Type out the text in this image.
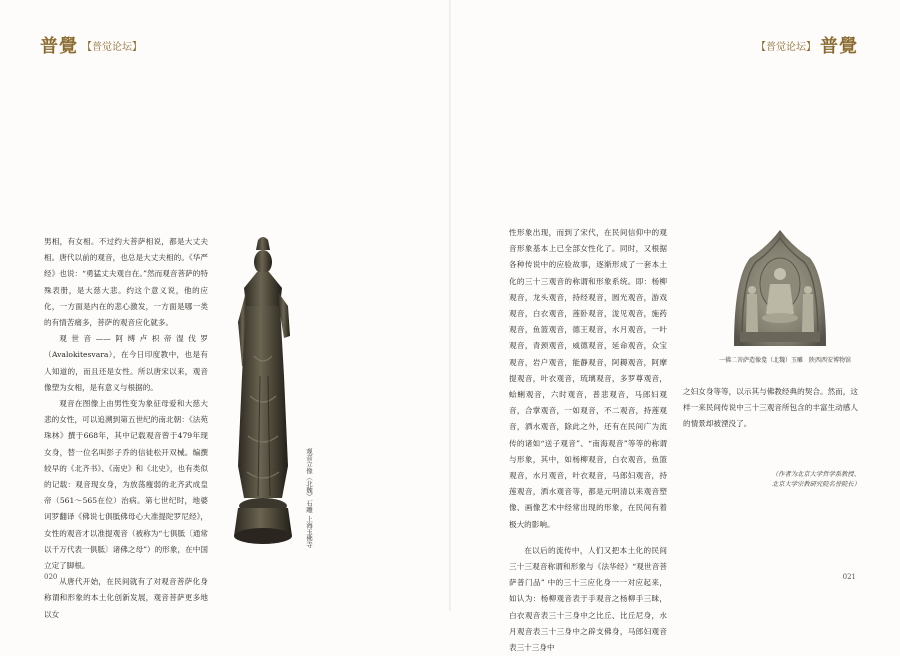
普覺 【普觉论坛】	【普觉论坛】 普覺

男相，有女相。不过约大菩萨相说，都是大丈夫相。唐代以前的观音，也总是大丈夫相的。《华严经》也说：“勇猛丈夫观自在。”然而观音菩萨的特殊表册，是大慈大悲。约这个意义说，他的应化，一方面是内在的悲心激发，一方面是哪一类的有情苦痛多，菩萨的观音应化就多。

观世音——阿缚卢枳帝湿伐罗（Avalokitesvara），在今日印度教中，也是有人知道的，而且还是女性。所以唐宋以来，观音像塑为女相，是有意义与根据的。

观音在图像上由男性变为象征母爱和大慈大悲的女性，可以追溯到第五世纪的南北朝：《法苑珠林》撰于668年，其中记载观音曾于479年现女身，替一位名叫彭子乔的信徒松开双械。编撰较早的《北齐书》、《南史》和《北史》，也有类似的记载：观音现女身，为放荡瘦弱的北齐武成皇帝（561～565在位）治病。第七世纪时，地婆诃罗翻译《佛说七俱胝佛母心大准提陀罗尼经》，女性的观音才以准提观音（被称为“七俱胝〔通常以千万代表一俱胝〕诸佛之母”）的形象，在中国立定了脚根。

从唐代开始，在民间就有了对观音菩萨化身称谓和形象的本土化创新发展，观音菩萨更多地以女

观音立像（北魏）石雕 上海玉佛寺

性形象出现，而到了宋代，在民间信仰中的观音形象基本上已全部女性化了。同时，又根据各种传说中的应验故事，逐渐形成了一套本土化的三十三观音的称谓和形象系统。即：杨柳观音，龙头观音，持经观音，圆光观音，游戏观音，白衣观音，莲卧观音，泷见观音，施药观音，鱼篮观音，德王观音，水月观音，一叶观音，青颈观音，威德观音，延命观音，众宝观音，岩户观音，能静观音，阿耨观音，阿摩提观音，叶衣观音，琉璃观音，多罗尊观音，蛤蜊观音，六时观音，普悲观音，马郎妇观音，合掌观音，一如观音，不二观音，持莲观音，洒水观音，除此之外，还有在民间广为流传的诸如“送子观音”、“南海观音”等等的称谓与形象，其中，如杨柳观音，白衣观音，鱼篮观音，水月观音，叶衣观音，马郎妇观音，持莲观音，洒水观音等，都是元明清以来观音塑像、画像艺术中经常出现的形象，在民间有着极大的影响。

在以后的流传中，人们又把本土化的民间三十三观音称谓和形象与《法华经》“观世音菩萨普门品” 中的三十三应化身一一对应起来，如认为：杨柳观音表于手观音之杨柳手三昧，白衣观音表三十三身中之比丘、比丘尼身，水月观音表三十三身中之辟支佛身，马郎妇观音表三十三身中

一佛二菩萨造像龛（北魏）玉雕　陕西西安博物馆

之妇女身等等，以示其与佛教经典的契合。然而，这样一来民间传说中三十三观音所包含的丰富生动感人的情景却被湮没了。

（作者为北京大学哲学系教授、
北京大学宗教研究院名誉院长）
020	021
